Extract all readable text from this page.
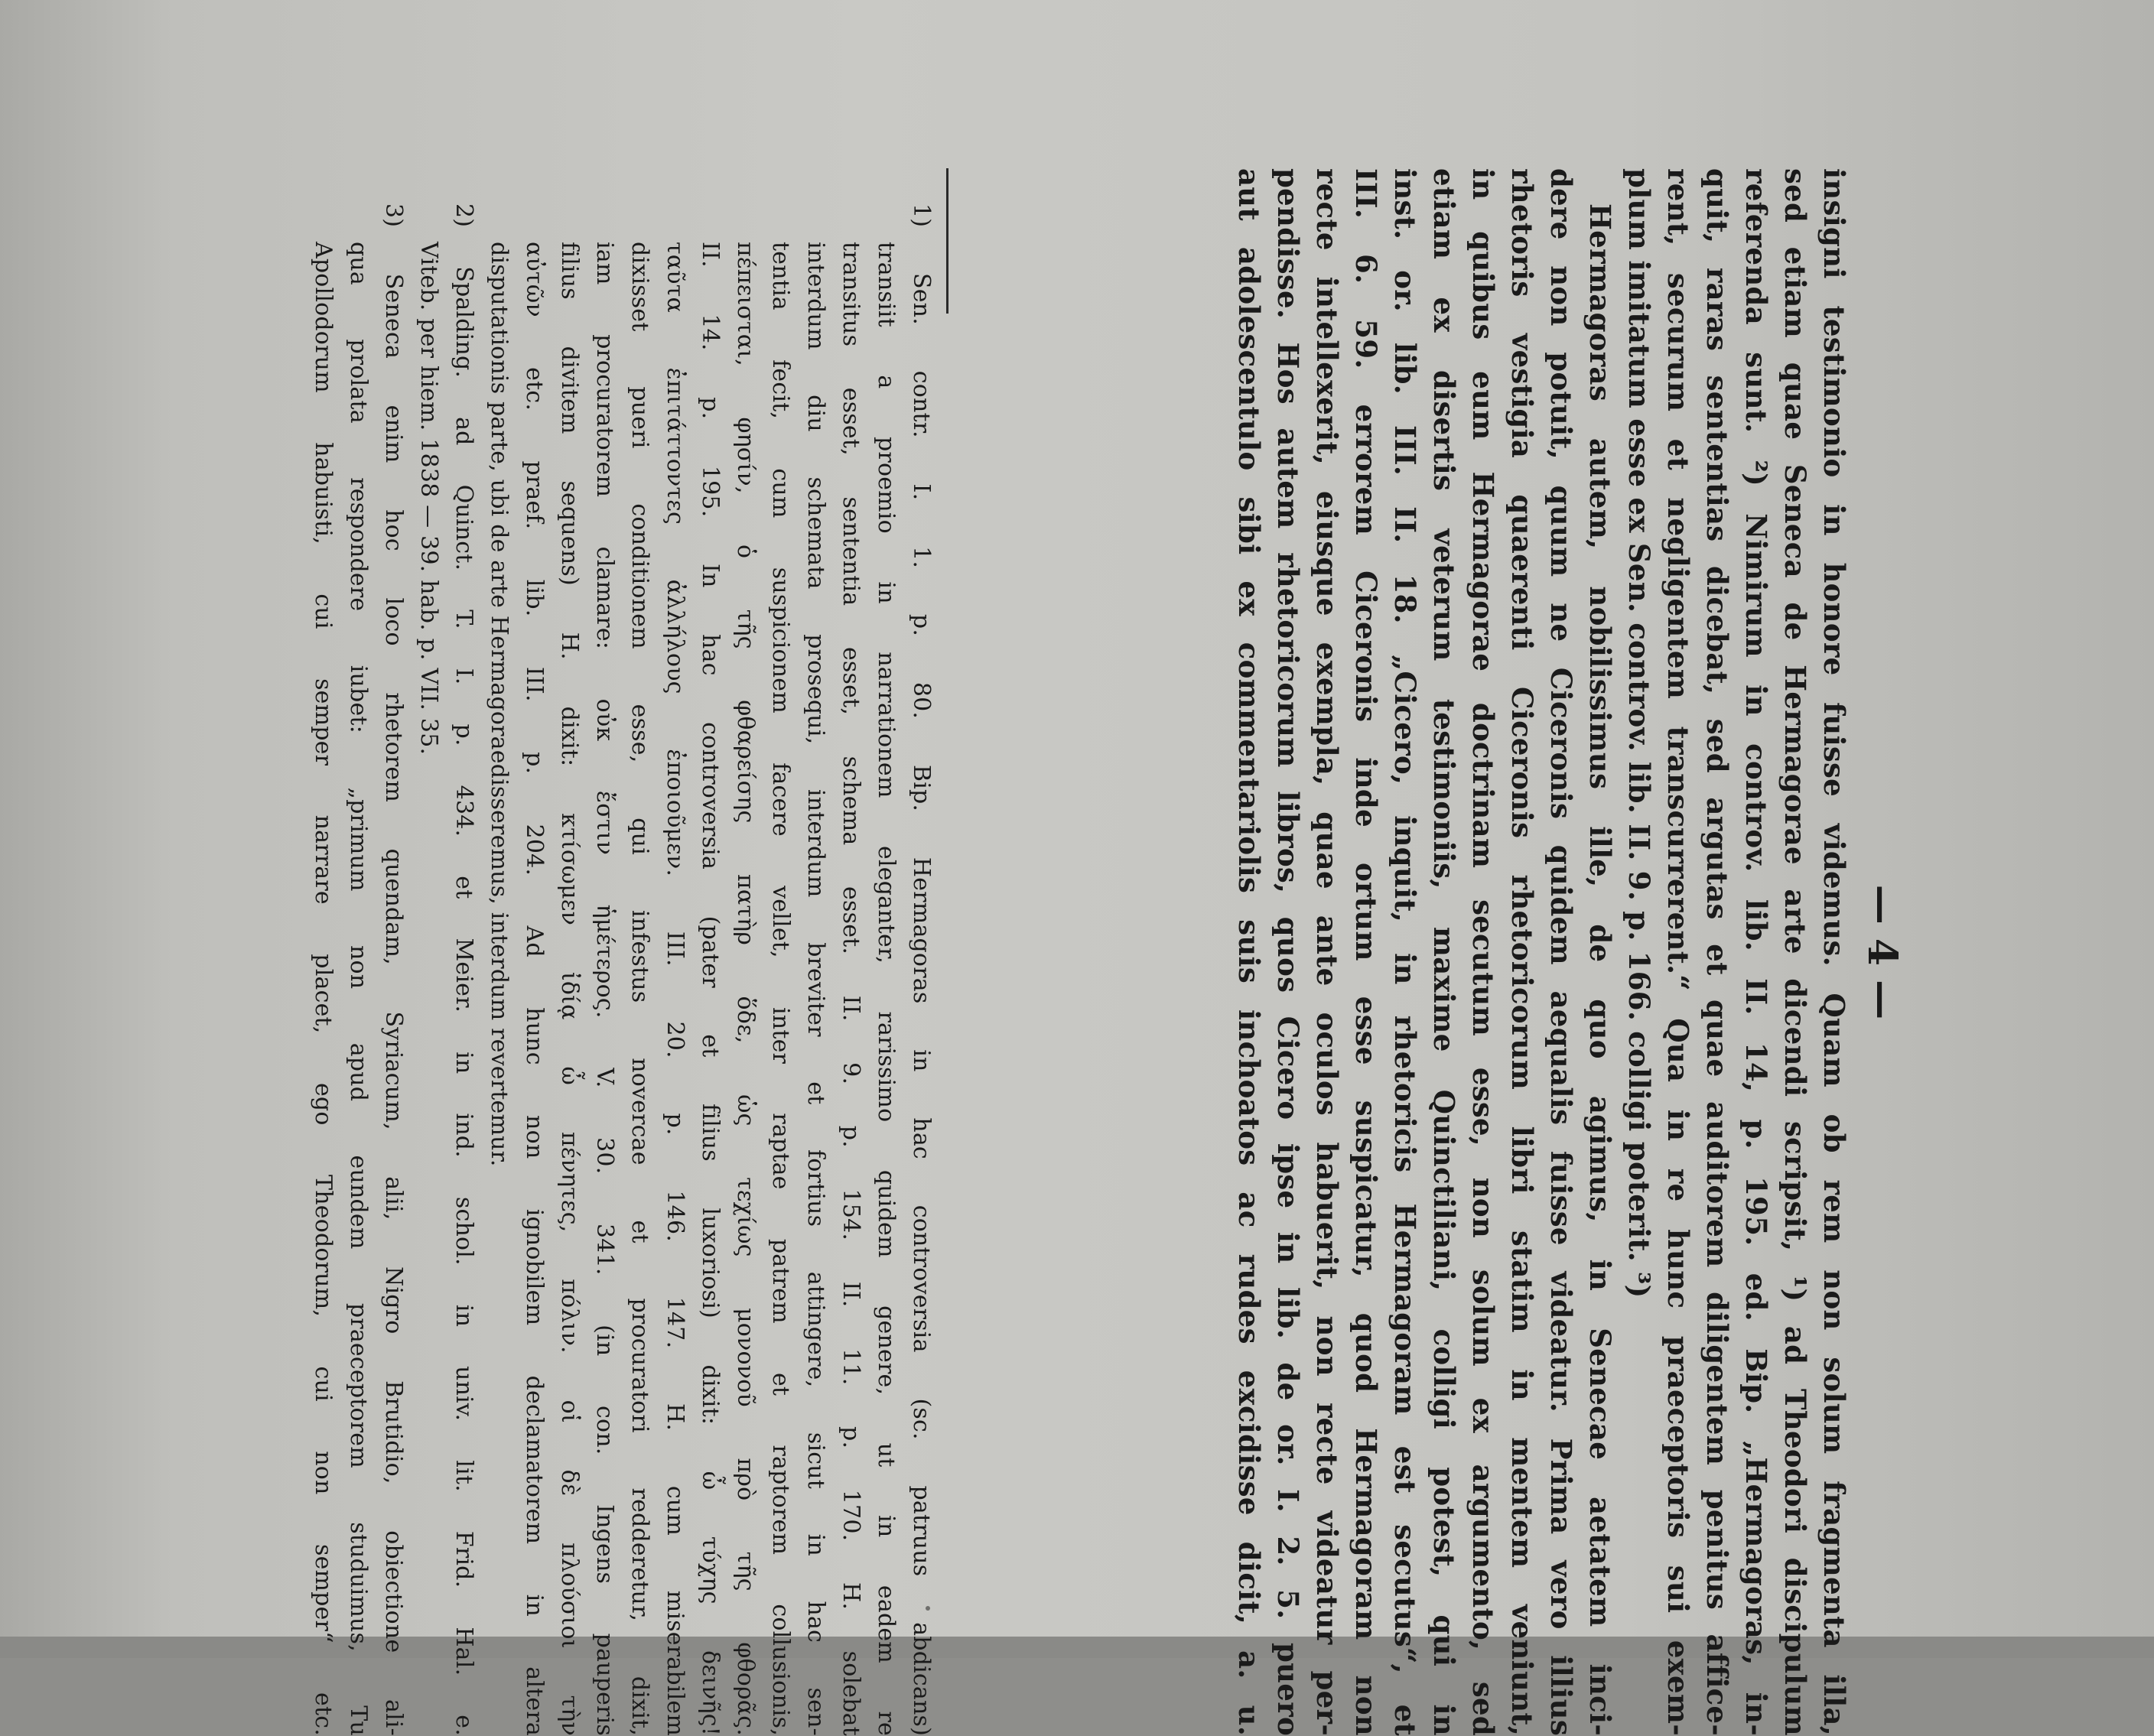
— 4 —
insigni testimonio in honore fuisse videmus. Quam ob rem non solum fragmenta illa,
sed etiam quae Seneca de Hermagorae arte dicendi scripsit, ¹) ad Theodori discipulum
referenda sunt. ²) Nimirum in controv. lib. II. 14, p. 195. ed. Bip. „Hermagoras, in-
quit, raras sententias dicebat, sed argutas et quae auditorem diligentem penitus affice-
rent, securum et negligentem transcurrerent.“ Qua in re hunc praeceptoris sui exem-
plum imitatum esse ex Sen. controv. lib. II. 9. p. 166. colligi poterit. ³)
Hermagoras autem, nobilissimus ille, de quo agimus, in Senecae aetatem inci-
dere non potuit, quum ne Ciceronis quidem aequalis fuisse videatur. Prima vero illius
rhetoris vestigia quaerenti Ciceronis rhetoricorum libri statim in mentem veniunt,
in quibus eum Hermagorae doctrinam secutum esse, non solum ex argumento, sed
etiam ex disertis veterum testimoniis, maxime Quinctiliani, colligi potest, qui in
inst. or. lib. III. II. 18. „Cicero, inquit, in rhetoricis Hermagoram est secutus“, et
III. 6. 59. errorem Ciceronis inde ortum esse suspicatur, quod Hermagoram non
recte intellexerit, eiusque exempla, quae ante oculos habuerit, non recte videatur per-
pendisse. Hos autem rhetoricorum libros, quos Cicero ipse in lib. de or. I. 2. 5. puero
aut adolescentulo sibi ex commentariolis suis inchoatos ac rudes excidisse dicit, a. u.
1) Sen. contr. I. 1. p. 80. Bip. Hermagoras in hac controversia (sc. patruus abdicans)
transiit a proemio in narrationem eleganter, rarissimo quidem genere, ut in eadem re
transitus esset, sententia esset, schema esset. II. 9. p. 154. II. 11. p. 170. H. solebat
interdum diu schemata prosequi, interdum breviter et fortius attingere, sicut in hac sen-
tentia fecit, cum suspicionem facere vellet, inter raptae patrem et raptorem collusionis,
πέπεισται, φησίν, ὁ τῆς φθαρείσης πατὴρ ὅδε, ὡς τεχίως μονονοῦ πρὸ τῆς φθορᾶς.
II. 14. p. 195. In hac controversia (pater et filius luxoriosi) dixit: ὦ τύχης δεινῆς!
ταῦτα ἐπιτάττοντες ἀλλήλους ἐποιοῦμεν. III. 20. p. 146. 147. H. cum miserabilem
dixisset pueri conditionem esse, qui infestus novercae et procuratori redderetur, dixit,
iam procuratorem clamare: οὐκ ἔστιν ἡμέτερος. V. 30. 341. (in con. Ingens pauperis
filius divitem sequens) H. dixit: κτίσωμεν ἰδίᾳ ὦ πένητες, πόλιν. οἱ δὲ πλούσιοι τὴν
αὐτῶν etc. praef. lib. III. p. 204. Ad hunc non ignobilem declamatorem in altera
disputationis parte, ubi de arte Hermagoraedisseremus, interdum revertemur.
2) Spalding. ad Quinct. T. I. p. 434. et Meier. in ind. schol. in univ. lit. Frid. Hal. e.
Viteb. per hiem. 1838 — 39. hab. p. VII. 35.
3) Seneca enim hoc loco rhetorem quendam, Syriacum, alii, Nigro Brutidio, obiectione ali-
qua prolata respondere iubet: „primum non apud eundem praeceptorem studuimus, Tu
Apollodorum habuisti, cui semper narrare placet, ego Theodorum, cui non semper“ etc.
